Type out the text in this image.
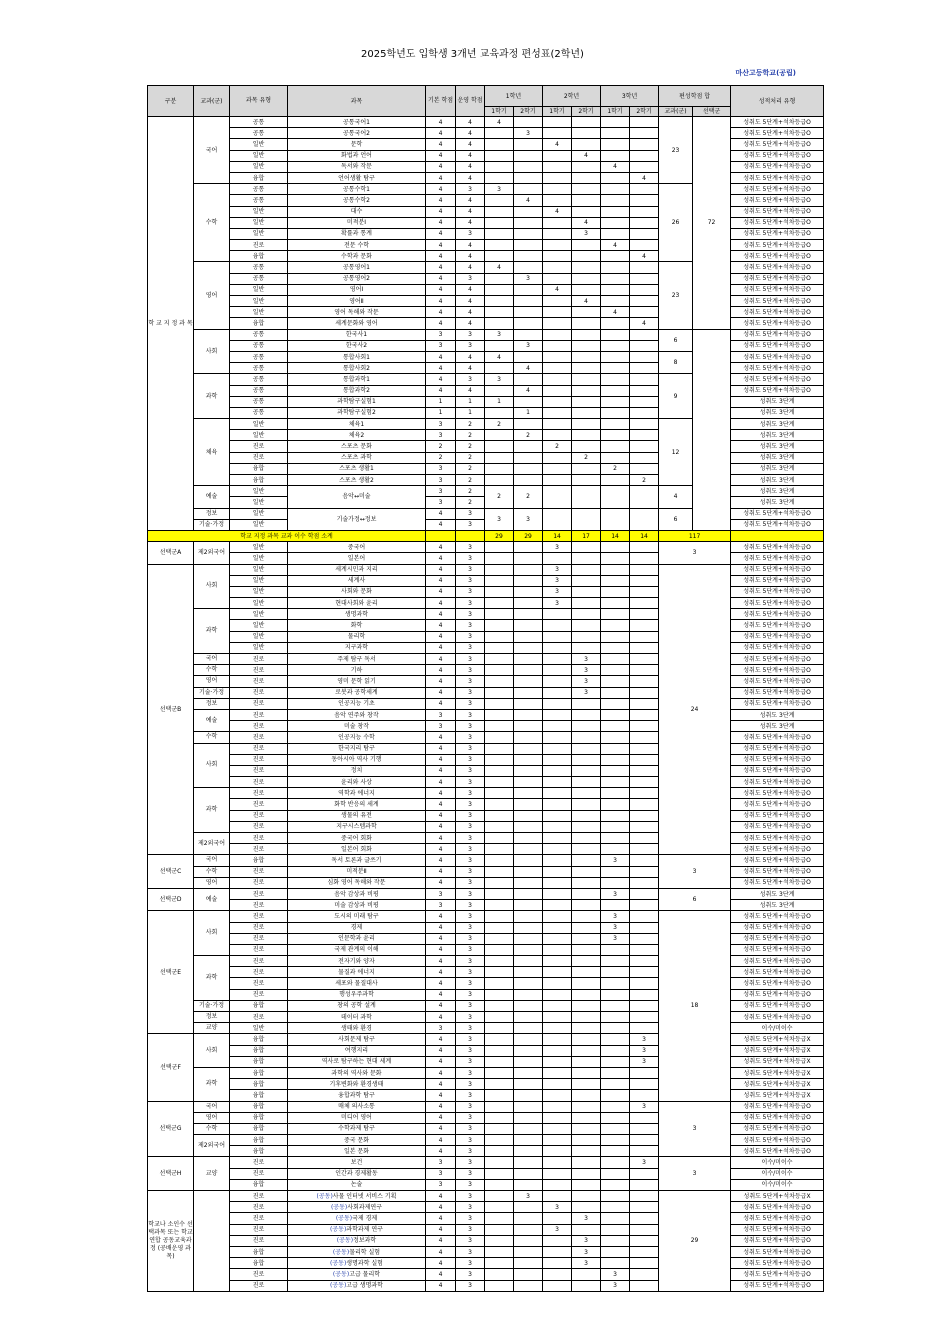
2025학년도 입학생 3개년 교육과정 편성표(2학년)
마산고등학교(공립)
구분	교과(군)	과목 유형	과목	기본 학점	운영 학점	1학년		2학년		3학년		편성학점 합		성적처리 유형
						1학기	2학기	1학기	2학기	1학기	2학기	교과(군)	선택군	
학 교 지 정 과 목	국어	공통	공통국어1	4	4	4						23	72	성취도 5단계+석차등급O
		공통	공통국어2	4	4		3							성취도 5단계+석차등급O
		일반	문학	4	4			4						성취도 5단계+석차등급O
		일반	화법과 언어	4	4				4					성취도 5단계+석차등급O
		일반	독서와 작문	4	4					4				성취도 5단계+석차등급O
		융합	언어생활 탐구	4	4						4			성취도 5단계+석차등급O
	수학	공통	공통수학1	4	3	3						26		성취도 5단계+석차등급O
		공통	공통수학2	4	4		4							성취도 5단계+석차등급O
		일반	대수	4	4			4						성취도 5단계+석차등급O
		일반	미적분Ⅰ	4	4				4					성취도 5단계+석차등급O
		일반	확률과 통계	4	3				3					성취도 5단계+석차등급O
		진로	전문 수학	4	4					4				성취도 5단계+석차등급O
		융합	수학과 문화	4	4						4			성취도 5단계+석차등급O
	영어	공통	공통영어1	4	4	4						23		성취도 5단계+석차등급O
		공통	공통영어2	4	3		3							성취도 5단계+석차등급O
		일반	영어Ⅰ	4	4			4						성취도 5단계+석차등급O
		일반	영어Ⅱ	4	4				4					성취도 5단계+석차등급O
		일반	영어 독해와 작문	4	4					4				성취도 5단계+석차등급O
		융합	세계문화와 영어	4	4						4			성취도 5단계+석차등급O
	사회	공통	한국사1	3	3	3						6		성취도 5단계+석차등급O
		공통	한국사2	3	3		3							성취도 5단계+석차등급O
		공통	통합사회1	4	4	4						8		성취도 5단계+석차등급O
		공통	통합사회2	4	4		4							성취도 5단계+석차등급O
	과학	공통	통합과학1	4	3	3						9		성취도 5단계+석차등급O
		공통	통합과학2	4	4		4							성취도 5단계+석차등급O
		공통	과학탐구실험1	1	1	1								성취도 3단계
		공통	과학탐구실험2	1	1		1							성취도 3단계
	체육	일반	체육1	3	2	2						12		성취도 3단계
		일반	체육2	3	2		2							성취도 3단계
		진로	스포츠 문화	2	2			2						성취도 3단계
		진로	스포츠 과학	2	2				2					성취도 3단계
		융합	스포츠 생활1	3	2					2				성취도 3단계
		융합	스포츠 생활2	3	2						2			성취도 3단계
	예술	일반	음악↔미술	3	2	2	2					4		성취도 3단계
		일반		3	2									성취도 3단계
	정보	일반	기술가정↔정보	4	3	3	3					6		성취도 5단계+석차등급O
	기술·가정	일반		4	3									성취도 5단계+석차등급O
학교 지정 과목 교과 이수 학점 소계						29	29	14	17	14	14	117		
선택군A	제2외국어	일반	중국어	4	3			3				3		성취도 5단계+석차등급O
		일반	일본어	4	3									성취도 5단계+석차등급O
선택군B	사회	일반	세계시민과 지리	4	3			3				24		성취도 5단계+석차등급O
		일반	세계사	4	3			3						성취도 5단계+석차등급O
		일반	사회와 문화	4	3			3						성취도 5단계+석차등급O
		일반	현대사회와 윤리	4	3			3						성취도 5단계+석차등급O
	과학	일반	생명과학	4	3									성취도 5단계+석차등급O
		일반	화학	4	3									성취도 5단계+석차등급O
		일반	물리학	4	3									성취도 5단계+석차등급O
		일반	지구과학	4	3									성취도 5단계+석차등급O
	국어	진로	주제 탐구 독서	4	3				3					성취도 5단계+석차등급O
	수학	진로	기하	4	3				3					성취도 5단계+석차등급O
	영어	진로	영미 문학 읽기	4	3				3					성취도 5단계+석차등급O
	기술·가정	진로	로봇과 공학세계	4	3				3					성취도 5단계+석차등급O
	정보	진로	인공지능 기초	4	3									성취도 5단계+석차등급O
	예술	진로	음악 연주와 창작	3	3									성취도 3단계
		진로	미술 창작	3	3									성취도 3단계
	수학	진로	인공지능 수학	4	3									성취도 5단계+석차등급O
	사회	진로	한국지리 탐구	4	3									성취도 5단계+석차등급O
		진로	동아시아 역사 기행	4	3									성취도 5단계+석차등급O
		진로	정치	4	3									성취도 5단계+석차등급O
		진로	윤리와 사상	4	3									성취도 5단계+석차등급O
	과학	진로	역학과 에너지	4	3									성취도 5단계+석차등급O
		진로	화학 반응의 세계	4	3									성취도 5단계+석차등급O
		진로	생물의 유전	4	3									성취도 5단계+석차등급O
		진로	지구시스템과학	4	3									성취도 5단계+석차등급O
	제2외국어	진로	중국어 회화	4	3									성취도 5단계+석차등급O
		진로	일본어 회화	4	3									성취도 5단계+석차등급O
선택군C	국어	융합	독서 토론과 글쓰기	4	3					3		3		성취도 5단계+석차등급O
	수학	진로	미적분Ⅱ	4	3									성취도 5단계+석차등급O
	영어	진로	심화 영어 독해와 작문	4	3									성취도 5단계+석차등급O
선택군D	예술	진로	음악 감상과 비평	3	3					3		6		성취도 3단계
		진로	미술 감상과 비평	3	3									성취도 3단계
선택군E	사회	진로	도시의 미래 탐구	4	3					3		18		성취도 5단계+석차등급O
		진로	경제	4	3					3				성취도 5단계+석차등급O
		진로	인문학과 윤리	4	3					3				성취도 5단계+석차등급O
		진로	국제 관계의 이해	4	3									성취도 5단계+석차등급O
	과학	진로	전자기와 양자	4	3									성취도 5단계+석차등급O
		진로	물질과 에너지	4	3									성취도 5단계+석차등급O
		진로	세포와 물질대사	4	3									성취도 5단계+석차등급O
		진로	행성우주과학	4	3									성취도 5단계+석차등급O
	기술·가정	융합	창의 공학 설계	4	3									성취도 5단계+석차등급O
	정보	진로	데이터 과학	4	3									성취도 5단계+석차등급O
	교양	일반	생태와 환경	3	3									이수/미이수
선택군F	사회	융합	사회문제 탐구	4	3						3			성취도 5단계+석차등급X
		융합	여행지리	4	3						3			성취도 5단계+석차등급X
		융합	역사로 탐구하는 현대 세계	4	3						3			성취도 5단계+석차등급X
	과학	융합	과학의 역사와 문화	4	3									성취도 5단계+석차등급X
		융합	기후변화와 환경생태	4	3									성취도 5단계+석차등급X
		융합	융합과학 탐구	4	3									성취도 5단계+석차등급X
선택군G	국어	융합	매체 의사소통	4	3						3	3		성취도 5단계+석차등급O
	영어	융합	미디어 영어	4	3									성취도 5단계+석차등급O
	수학	융합	수학과제 탐구	4	3									성취도 5단계+석차등급O
	제2외국어	융합	중국 문화	4	3									성취도 5단계+석차등급O
		융합	일본 문화	4	3									성취도 5단계+석차등급O
선택군H	교양	진로	보건	3	3						3	3		이수/미이수
		진로	인간과 경제활동	3	3									이수/미이수
		융합	논술	3	3									이수/미이수
학교나 소인수 선택과목 또는 학교연합 공동교육과정 (공배운영 과목)		진로	(공동)사물 인터넷 서비스 기획	4	3		3					29		성취도 5단계+석차등급X
		진로	(공동)사회과제연구	4	3			3						성취도 5단계+석차등급O
		진로	(공동)국제 경제	4	3				3					성취도 5단계+석차등급O
		진로	(공동)과학과제 연구	4	3			3						성취도 5단계+석차등급O
		진로	(공동)정보과학	4	3				3					성취도 5단계+석차등급O
		융합	(공동)물리학 실험	4	3				3					성취도 5단계+석차등급O
		융합	(공동)생명과학 실험	4	3				3					성취도 5단계+석차등급O
		진로	(공동)고급 물리학	4	3					3				성취도 5단계+석차등급O
		진로	(공동)고급 생명과학	4	3					3				성취도 5단계+석차등급O
